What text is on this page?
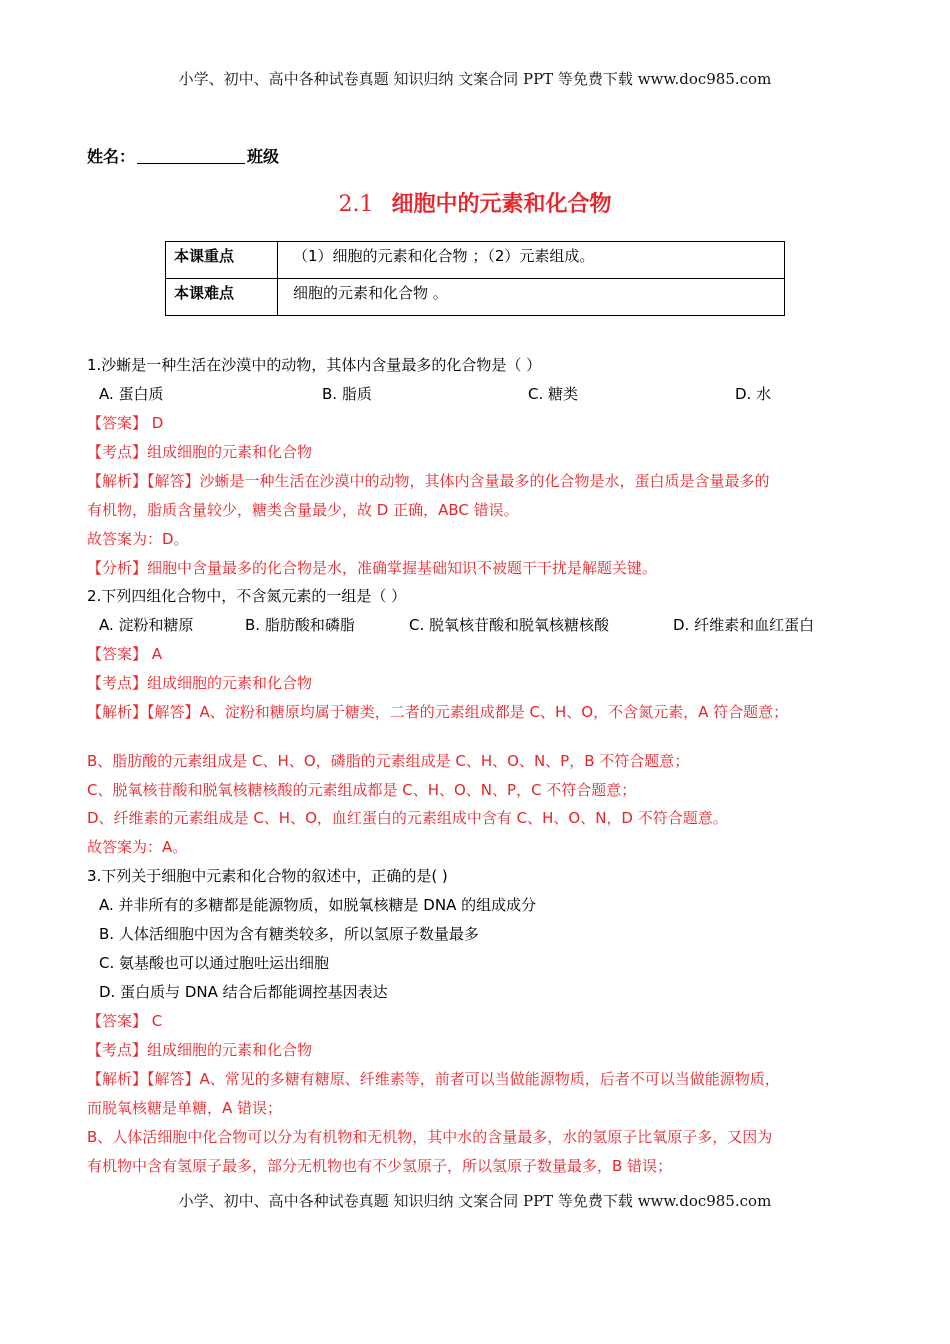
小学、初中、高中各种试卷真题 知识归纳 文案合同 PPT 等免费下载 www.doc985.com
姓名：	班级
2.1 细胞中的元素和化合物
本课重点	（1）细胞的元素和化合物 ；（2）元素组成。
本课难点	细胞的元素和化合物 。
1.沙蜥是一种生活在沙漠中的动物，其体内含量最多的化合物是（ ）
A. 蛋白质	B. 脂质	C. 糖类	D. 水
【答案】 D
【考点】组成细胞的元素和化合物
【解析】【解答】沙蜥是一种生活在沙漠中的动物，其体内含量最多的化合物是水，蛋白质是含量最多的
有机物，脂质含量较少，糖类含量最少，故 D 正确，ABC 错误。
故答案为：D。
【分析】细胞中含量最多的化合物是水，准确掌握基础知识不被题干干扰是解题关键。
2.下列四组化合物中，不含氮元素的一组是（ ）
A. 淀粉和糖原	B. 脂肪酸和磷脂	C. 脱氧核苷酸和脱氧核糖核酸	D. 纤维素和血红蛋白
【答案】 A
【考点】组成细胞的元素和化合物
【解析】【解答】A、淀粉和糖原均属于糖类，二者的元素组成都是 C、H、O，不含氮元素，A 符合题意；
B、脂肪酸的元素组成是 C、H、O，磷脂的元素组成是 C、H、O、N、P，B 不符合题意；
C、脱氧核苷酸和脱氧核糖核酸的元素组成都是 C、H、O、N、P，C 不符合题意；
D、纤维素的元素组成是 C、H、O，血红蛋白的元素组成中含有 C、H、O、N，D 不符合题意。
故答案为：A。
3.下列关于细胞中元素和化合物的叙述中，正确的是( )
A. 并非所有的多糖都是能源物质，如脱氧核糖是 DNA 的组成成分
B. 人体活细胞中因为含有糖类较多，所以氢原子数量最多
C. 氨基酸也可以通过胞吐运出细胞
D. 蛋白质与 DNA 结合后都能调控基因表达
【答案】 C
【考点】组成细胞的元素和化合物
【解析】【解答】A、常见的多糖有糖原、纤维素等，前者可以当做能源物质，后者不可以当做能源物质，
而脱氧核糖是单糖，A 错误；
B、人体活细胞中化合物可以分为有机物和无机物，其中水的含量最多，水的氢原子比氧原子多，又因为
有机物中含有氢原子最多，部分无机物也有不少氢原子，所以氢原子数量最多，B 错误；
小学、初中、高中各种试卷真题 知识归纳 文案合同 PPT 等免费下载 www.doc985.com
